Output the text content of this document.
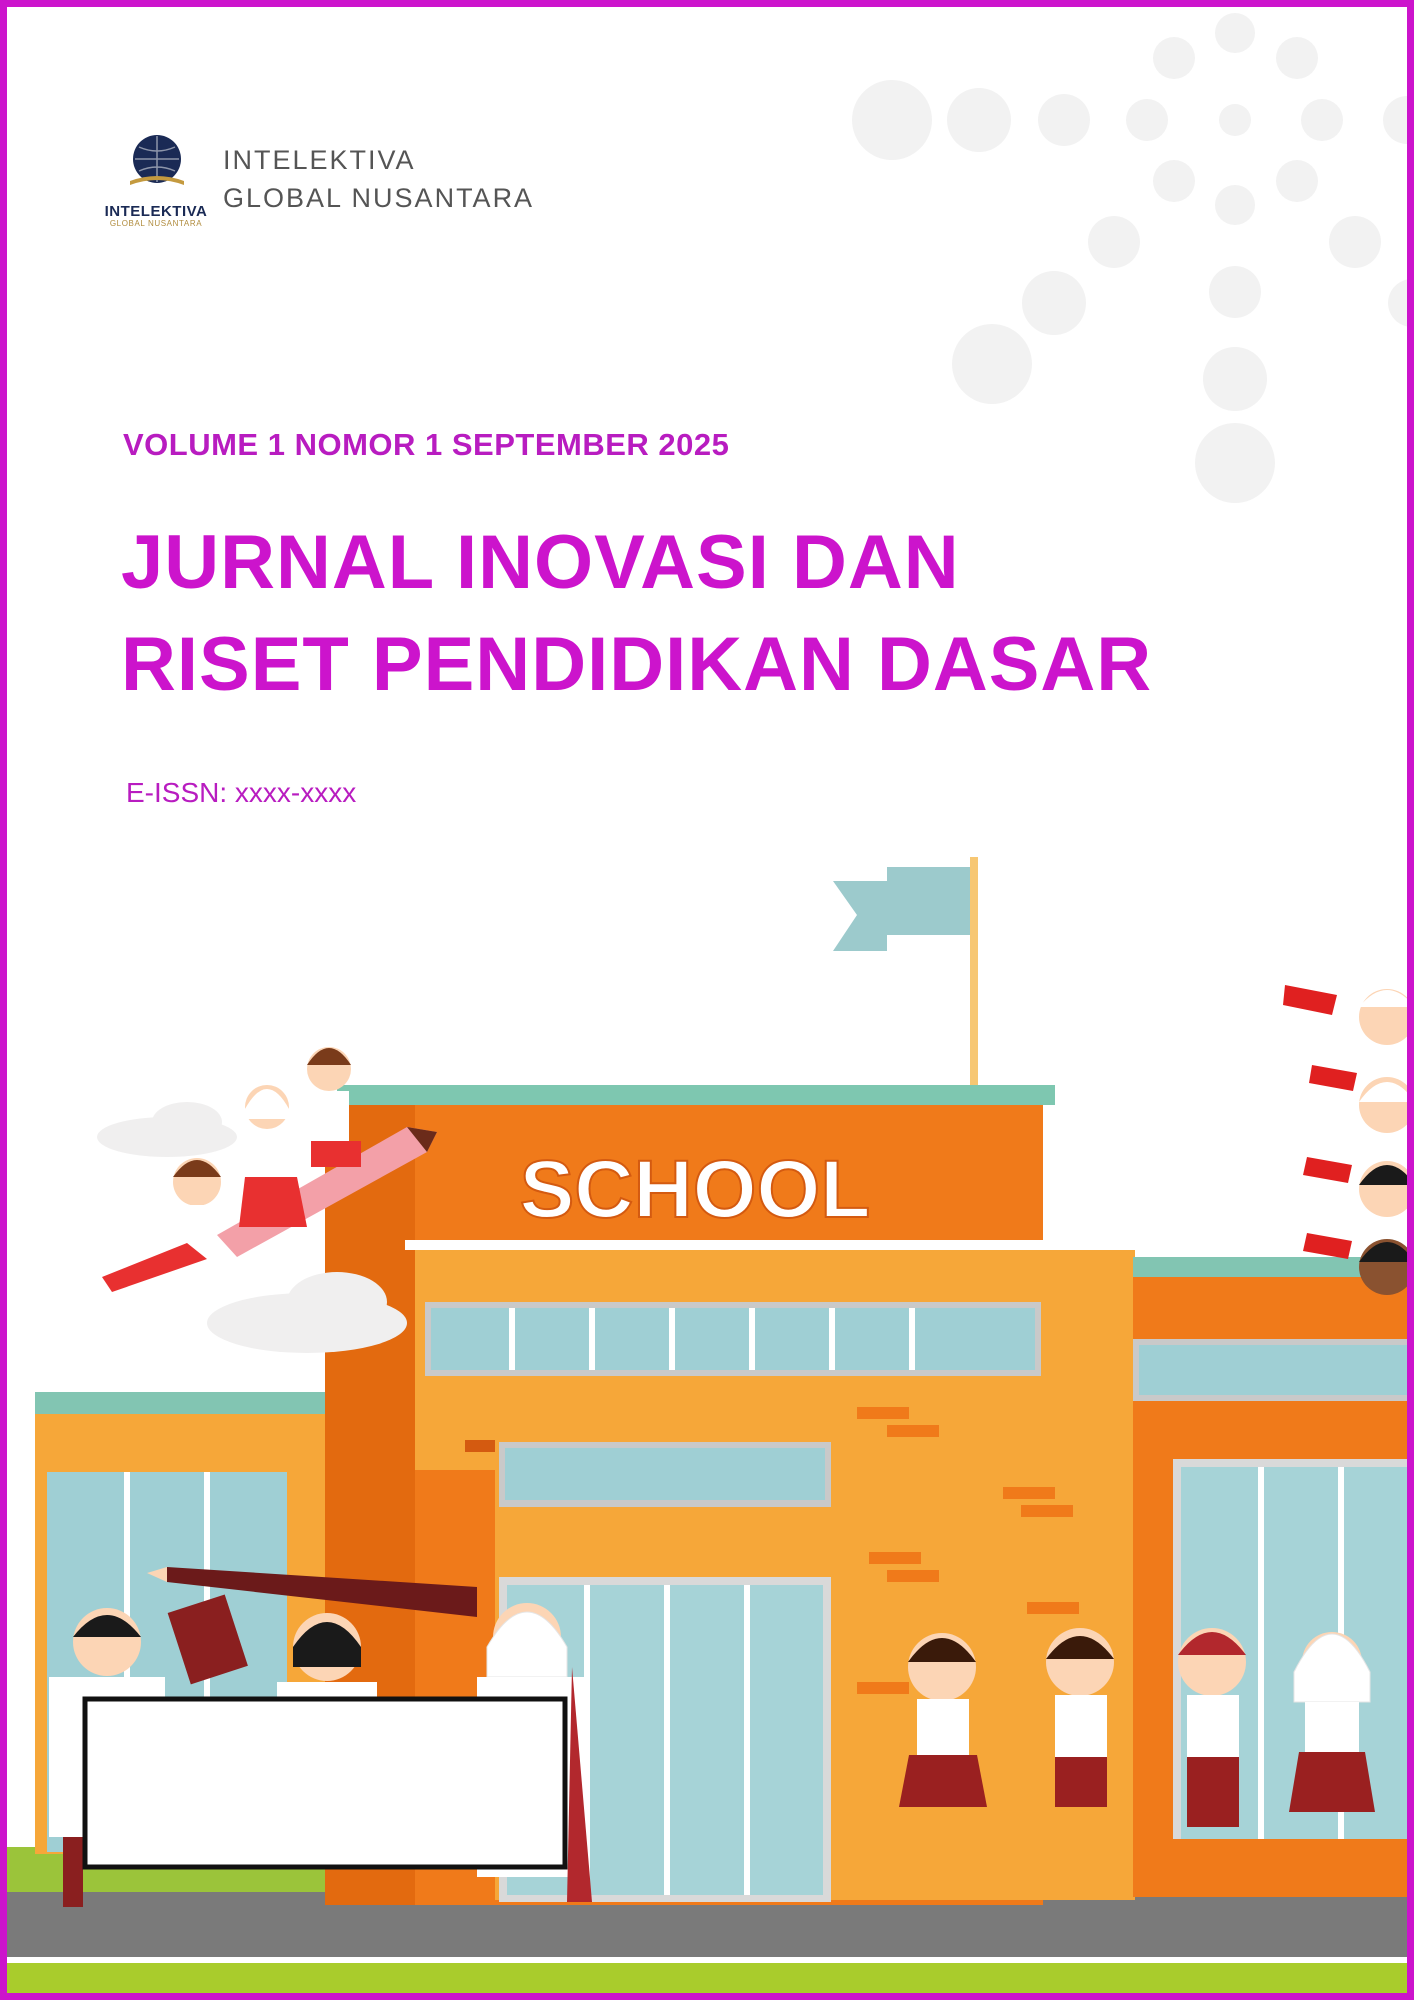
INTELEKTIVA
GLOBAL NUSANTARA
INTELEKTIVA
GLOBAL NUSANTARA
VOLUME 1 NOMOR 1 SEPTEMBER 2025
JURNAL INOVASI DAN
RISET PENDIDIKAN DASAR
E-ISSN: xxxx-xxxx
SCHOOL
